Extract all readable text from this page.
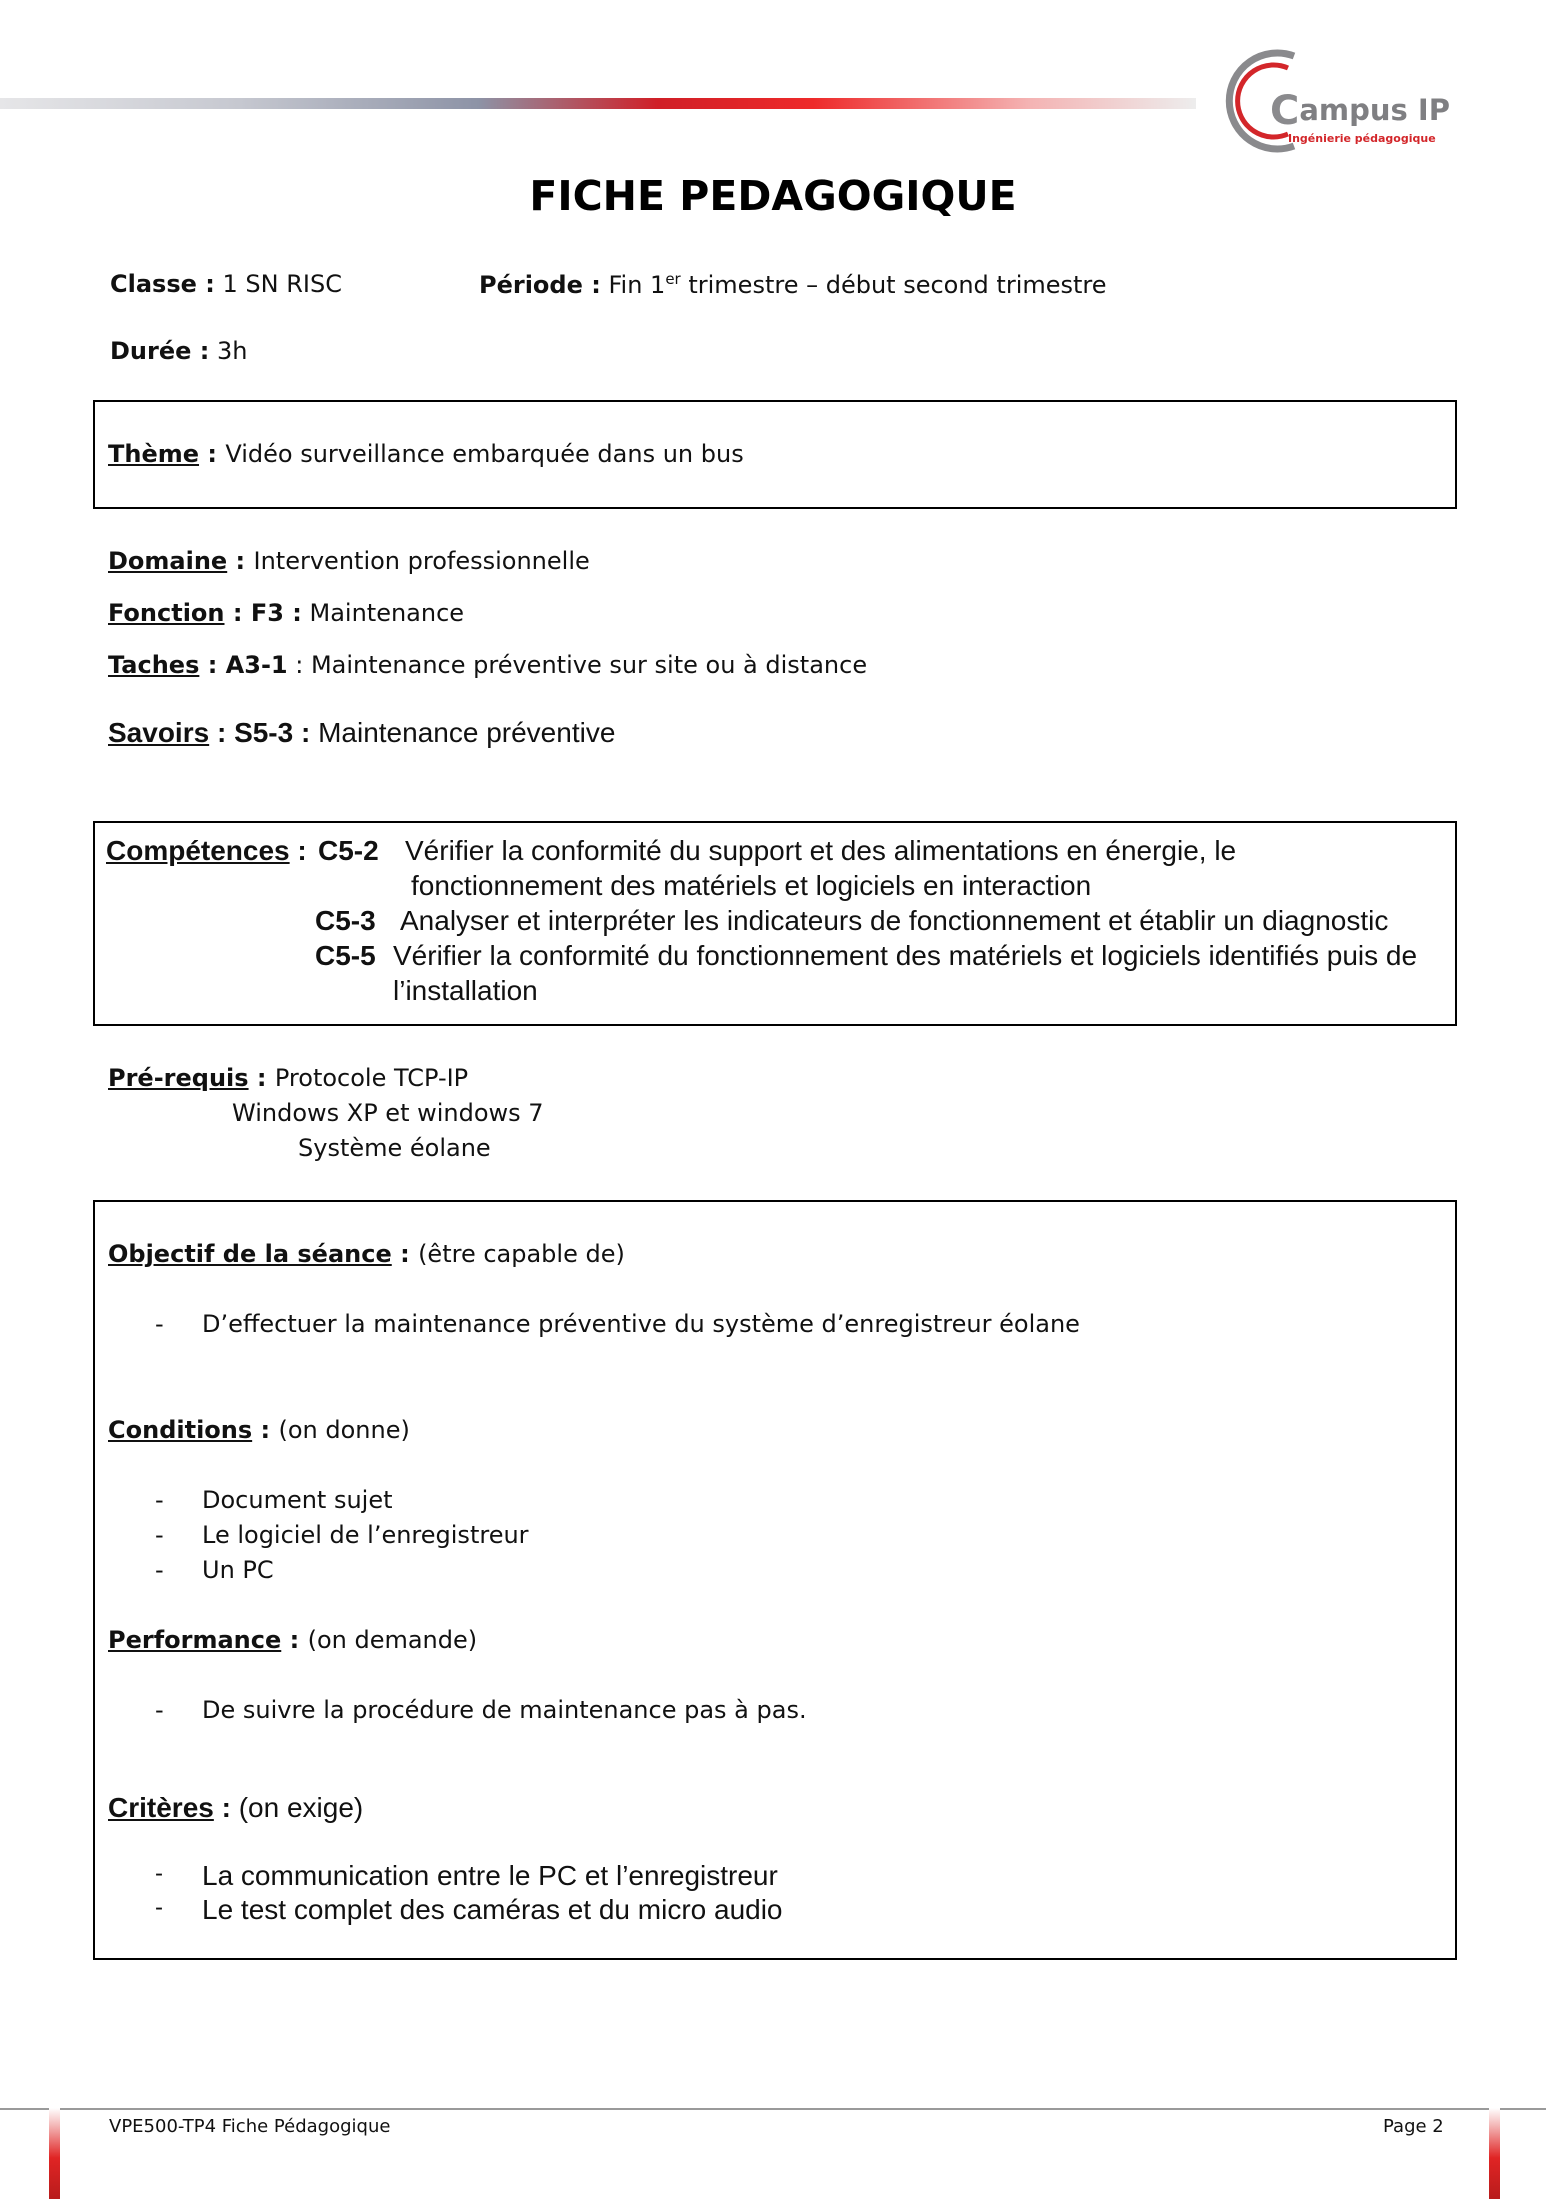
Campus IP
Ingénierie pédagogique
FICHE PEDAGOGIQUE
Classe : 1 SN RISC	Période : Fin 1er trimestre – début second trimestre
Durée : 3h
Thème : Vidéo surveillance embarquée dans un bus
Domaine : Intervention professionnelle
Fonction : F3 : Maintenance
Taches : A3-1 : Maintenance préventive sur site ou à distance
Savoirs : S5-3 : Maintenance préventive
Compétences : C5-2 Vérifier la conformité du support et des alimentations en énergie, le
fonctionnement des matériels et logiciels en interaction
C5-3 Analyser et interpréter les indicateurs de fonctionnement et établir un diagnostic
C5-5 Vérifier la conformité du fonctionnement des matériels et logiciels identifiés puis de
l’installation
Pré-requis : Protocole TCP-IP
Windows XP et windows 7
Système éolane
Objectif de la séance : (être capable de)
- D’effectuer la maintenance préventive du système d’enregistreur éolane
Conditions : (on donne)
- Document sujet
- Le logiciel de l’enregistreur
- Un PC
Performance : (on demande)
- De suivre la procédure de maintenance pas à pas.
Critères : (on exige)
- La communication entre le PC et l’enregistreur
- Le test complet des caméras et du micro audio
VPE500-TP4 Fiche Pédagogique	Page 2
